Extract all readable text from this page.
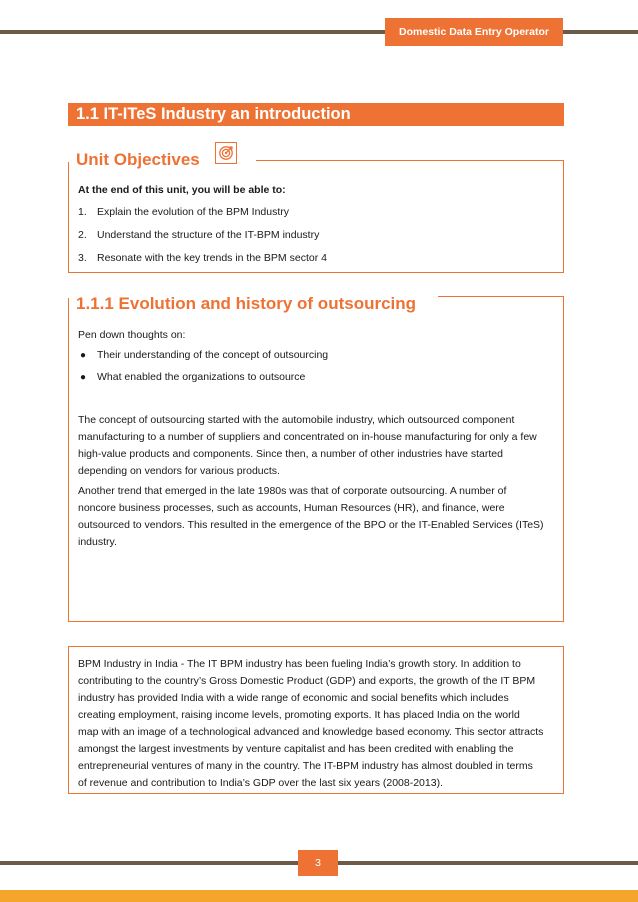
Domestic Data Entry Operator
1.1 IT-ITeS Industry an introduction
Unit Objectives
At the end of this unit, you will be able to:
1. Explain the evolution of the BPM Industry
2. Understand the structure of the IT-BPM industry
3. Resonate with the key trends in the BPM sector 4
1.1.1 Evolution and history of outsourcing
Pen down thoughts on:
● Their understanding of the concept of outsourcing
● What enabled the organizations to outsource
The concept of outsourcing started with the automobile industry, which outsourced component
manufacturing to a number of suppliers and concentrated on in-house manufacturing for only a few
high-value products and components. Since then, a number of other industries have started
depending on vendors for various products.
Another trend that emerged in the late 1980s was that of corporate outsourcing. A number of
noncore business processes, such as accounts, Human Resources (HR), and finance, were
outsourced to vendors. This resulted in the emergence of the BPO or the IT-Enabled Services (ITeS)
industry.
BPM Industry in India - The IT BPM industry has been fueling India’s growth story. In addition to
contributing to the country’s Gross Domestic Product (GDP) and exports, the growth of the IT BPM
industry has provided India with a wide range of economic and social benefits which includes
creating employment, raising income levels, promoting exports. It has placed India on the world
map with an image of a technological advanced and knowledge based economy. This sector attracts
amongst the largest investments by venture capitalist and has been credited with enabling the
entrepreneurial ventures of many in the country. The IT-BPM industry has almost doubled in terms
of revenue and contribution to India’s GDP over the last six years (2008-2013).
3
